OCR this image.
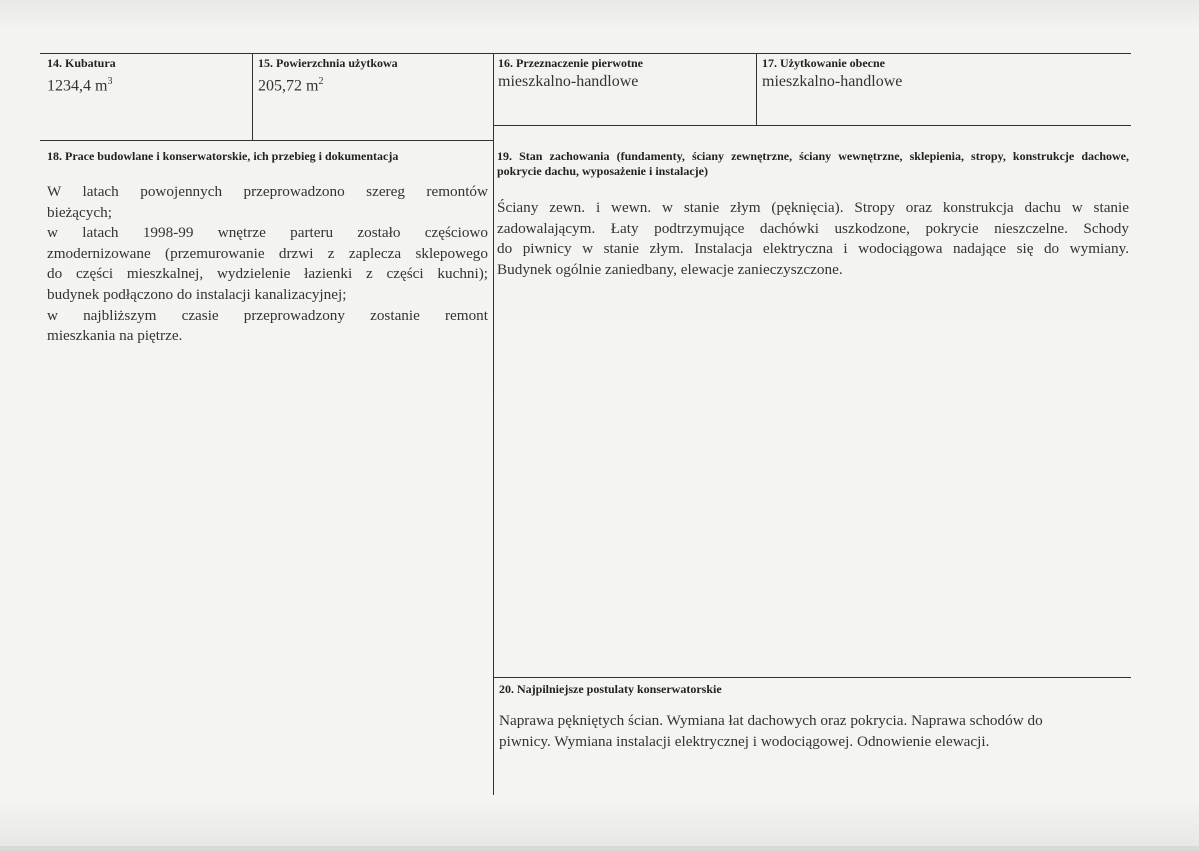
14. Kubatura
1234,4 $m^3$
15. Powierzchnia użytkowa
205,72 $m^2$
16. Przeznaczenie pierwotne
mieszkalno-handlowe
17. Użytkowanie obecne
mieszkalno-handlowe
18. Prace budowlane i konserwatorskie, ich przebieg i dokumentacja
W latach powojennych przeprowadzono szereg remontów
bieżących;
w latach 1998-99 wnętrze parteru zostało częściowo
zmodernizowane (przemurowanie drzwi z zaplecza sklepowego
do części mieszkalnej, wydzielenie łazienki z części kuchni);
budynek podłączono do instalacji kanalizacyjnej;
w najbliższym czasie przeprowadzony zostanie remont
mieszkania na piętrze.
19. Stan zachowania (fundamenty, ściany zewnętrzne, ściany wewnętrzne, sklepienia, stropy, konstrukcje dachowe, pokrycie dachu, wyposażenie i instalacje)
Ściany zewn. i wewn. w stanie złym (pęknięcia). Stropy oraz konstrukcja dachu w stanie
zadowalającym. Łaty podtrzymujące dachówki uszkodzone, pokrycie nieszczelne. Schody
do piwnicy w stanie złym. Instalacja elektryczna i wodociągowa nadające się do wymiany.
Budynek ogólnie zaniedbany, elewacje zanieczyszczone.
20. Najpilniejsze postulaty konserwatorskie
Naprawa pękniętych ścian. Wymiana łat dachowych oraz pokrycia. Naprawa schodów do
piwnicy. Wymiana instalacji elektrycznej i wodociągowej. Odnowienie elewacji.
